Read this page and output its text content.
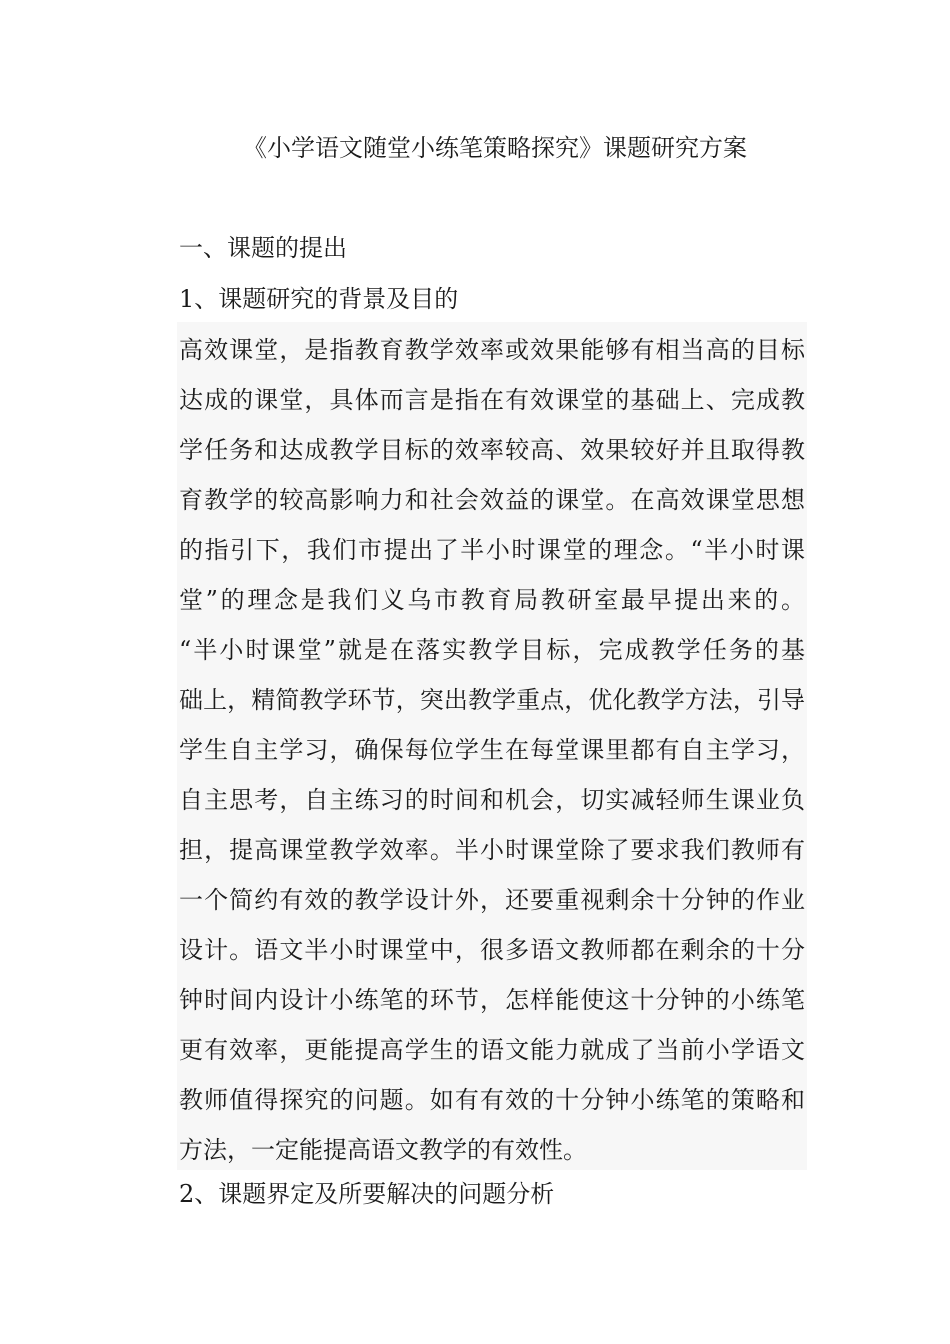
《小学语文随堂小练笔策略探究》课题研究方案
一、课题的提出
1、课题研究的背景及目的
高效课堂，是指教育教学效率或效果能够有相当高的目标
达成的课堂，具体而言是指在有效课堂的基础上、完成教
学任务和达成教学目标的效率较高、效果较好并且取得教
育教学的较高影响力和社会效益的课堂。在高效课堂思想
的指引下，我们市提出了半小时课堂的理念。“半小时课
堂”的理念是我们义乌市教育局教研室最早提出来的。
“半小时课堂”就是在落实教学目标，完成教学任务的基
础上，精简教学环节，突出教学重点，优化教学方法，引导
学生自主学习，确保每位学生在每堂课里都有自主学习，
自主思考，自主练习的时间和机会，切实减轻师生课业负
担，提高课堂教学效率。半小时课堂除了要求我们教师有
一个简约有效的教学设计外，还要重视剩余十分钟的作业
设计。语文半小时课堂中，很多语文教师都在剩余的十分
钟时间内设计小练笔的环节，怎样能使这十分钟的小练笔
更有效率，更能提高学生的语文能力就成了当前小学语文
教师值得探究的问题。如有有效的十分钟小练笔的策略和
方法，一定能提高语文教学的有效性。
2、课题界定及所要解决的问题分析
